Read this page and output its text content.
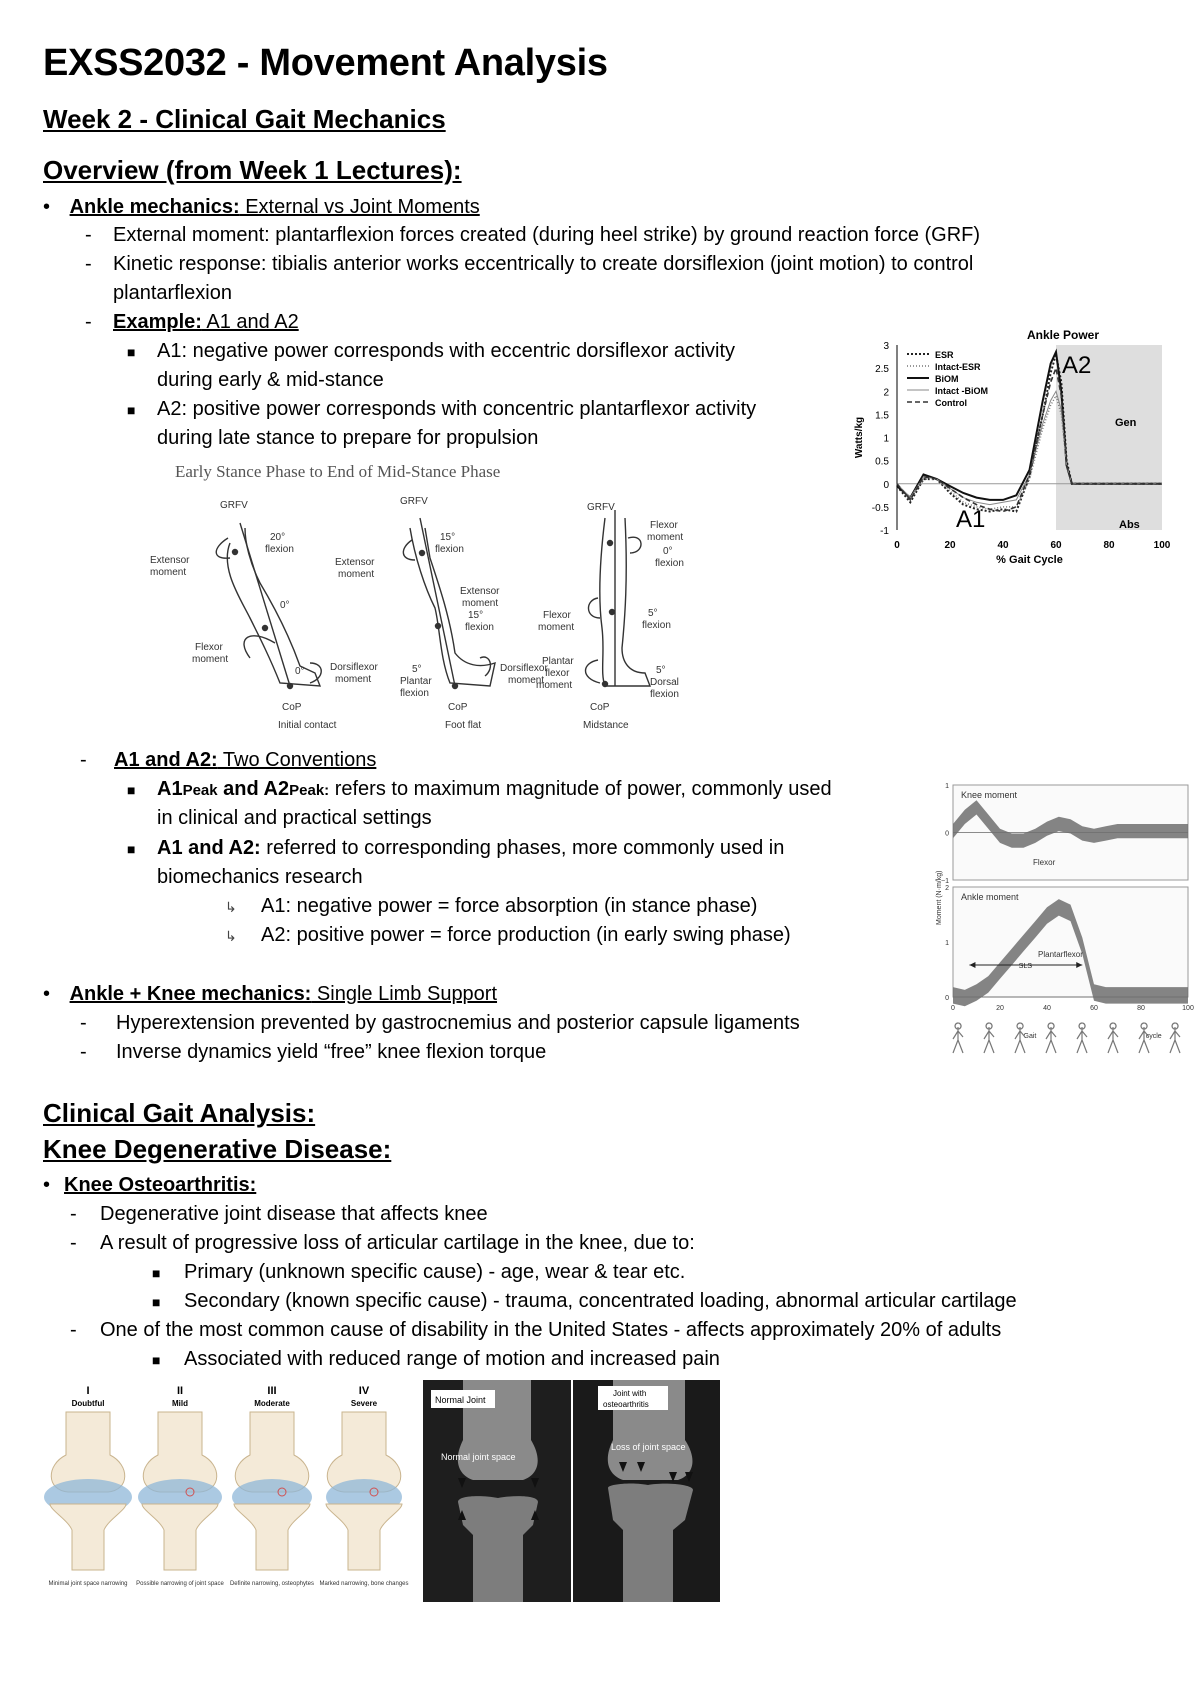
EXSS2032 - Movement Analysis
Week 2 - Clinical Gait Mechanics
Overview (from Week 1 Lectures):
• Ankle mechanics: External vs Joint Moments
- External moment: plantarflexion forces created (during heel strike) by ground reaction force (GRF)
- Kinetic response: tibialis anterior works eccentrically to create dorsiflexion (joint motion) to control
plantarflexion
- Example: A1 and A2
■ A1: negative power corresponds with eccentric dorsiflexor activity
during early & mid-stance
■ A2: positive power corresponds with concentric plantarflexor activity
during late stance to prepare for propulsion
3
2.5
2
1.5
1
0.5
0
-0.5
-1
0	20	40	60	80	100
% Gait Cycle
Watts/kg
Ankle Power
Gen
Abs
A1
A2
ESR
Intact-ESR
BiOM
Intact -BiOM
Control
Early Stance Phase to End of Mid-Stance Phase
GRFV
Extensor
moment
20°
flexion
0°
Flexor
moment
0°	Dorsiflexor
moment
CoP
Initial contact
GRFV
Extensor
moment
15°
flexion
Extensor
moment
15°
flexion
Dorsiflexor
moment
5°
Plantar
flexion
CoP
Foot flat
GRFV
Flexor
moment
0°
flexion
Flexor
moment
5°
flexion
Plantar
flexor
moment
5°
Dorsal
flexion
CoP
Midstance
- A1 and A2: Two Conventions
■ A1Peak and A2Peak: refers to maximum magnitude of power, commonly used
in clinical and practical settings
■ A1 and A2: referred to corresponding phases, more commonly used in
biomechanics research
↳ A1: negative power = force absorption (in stance phase)
↳ A2: positive power = force production (in early swing phase)
Knee moment
Flexor
1
0
−1
Ankle moment
Plantarflexor
2
1
0
Moment (N·m/kg)
SLS
0	20	40	60	80	100
Gait	cycle
• Ankle + Knee mechanics: Single Limb Support
- Hyperextension prevented by gastrocnemius and posterior capsule ligaments
- Inverse dynamics yield “free” knee flexion torque
Clinical Gait Analysis:
Knee Degenerative Disease:
• Knee Osteoarthritis:
- Degenerative joint disease that affects knee
- A result of progressive loss of articular cartilage in the knee, due to:
■ Primary (unknown specific cause) - age, wear & tear etc.
■ Secondary (known specific cause) - trauma, concentrated loading, abnormal articular cartilage
- One of the most common cause of disability in the United States - affects approximately 20% of adults
■ Associated with reduced range of motion and increased pain
I
Doubtful
Minimal joint space narrowing
II
Mild
Possible narrowing of joint space
III
Moderate
Definite narrowing, osteophytes
IV
Severe
Marked narrowing, bone changes
Normal Joint
Normal joint space
Joint with
osteoarthritis
Loss of joint space
